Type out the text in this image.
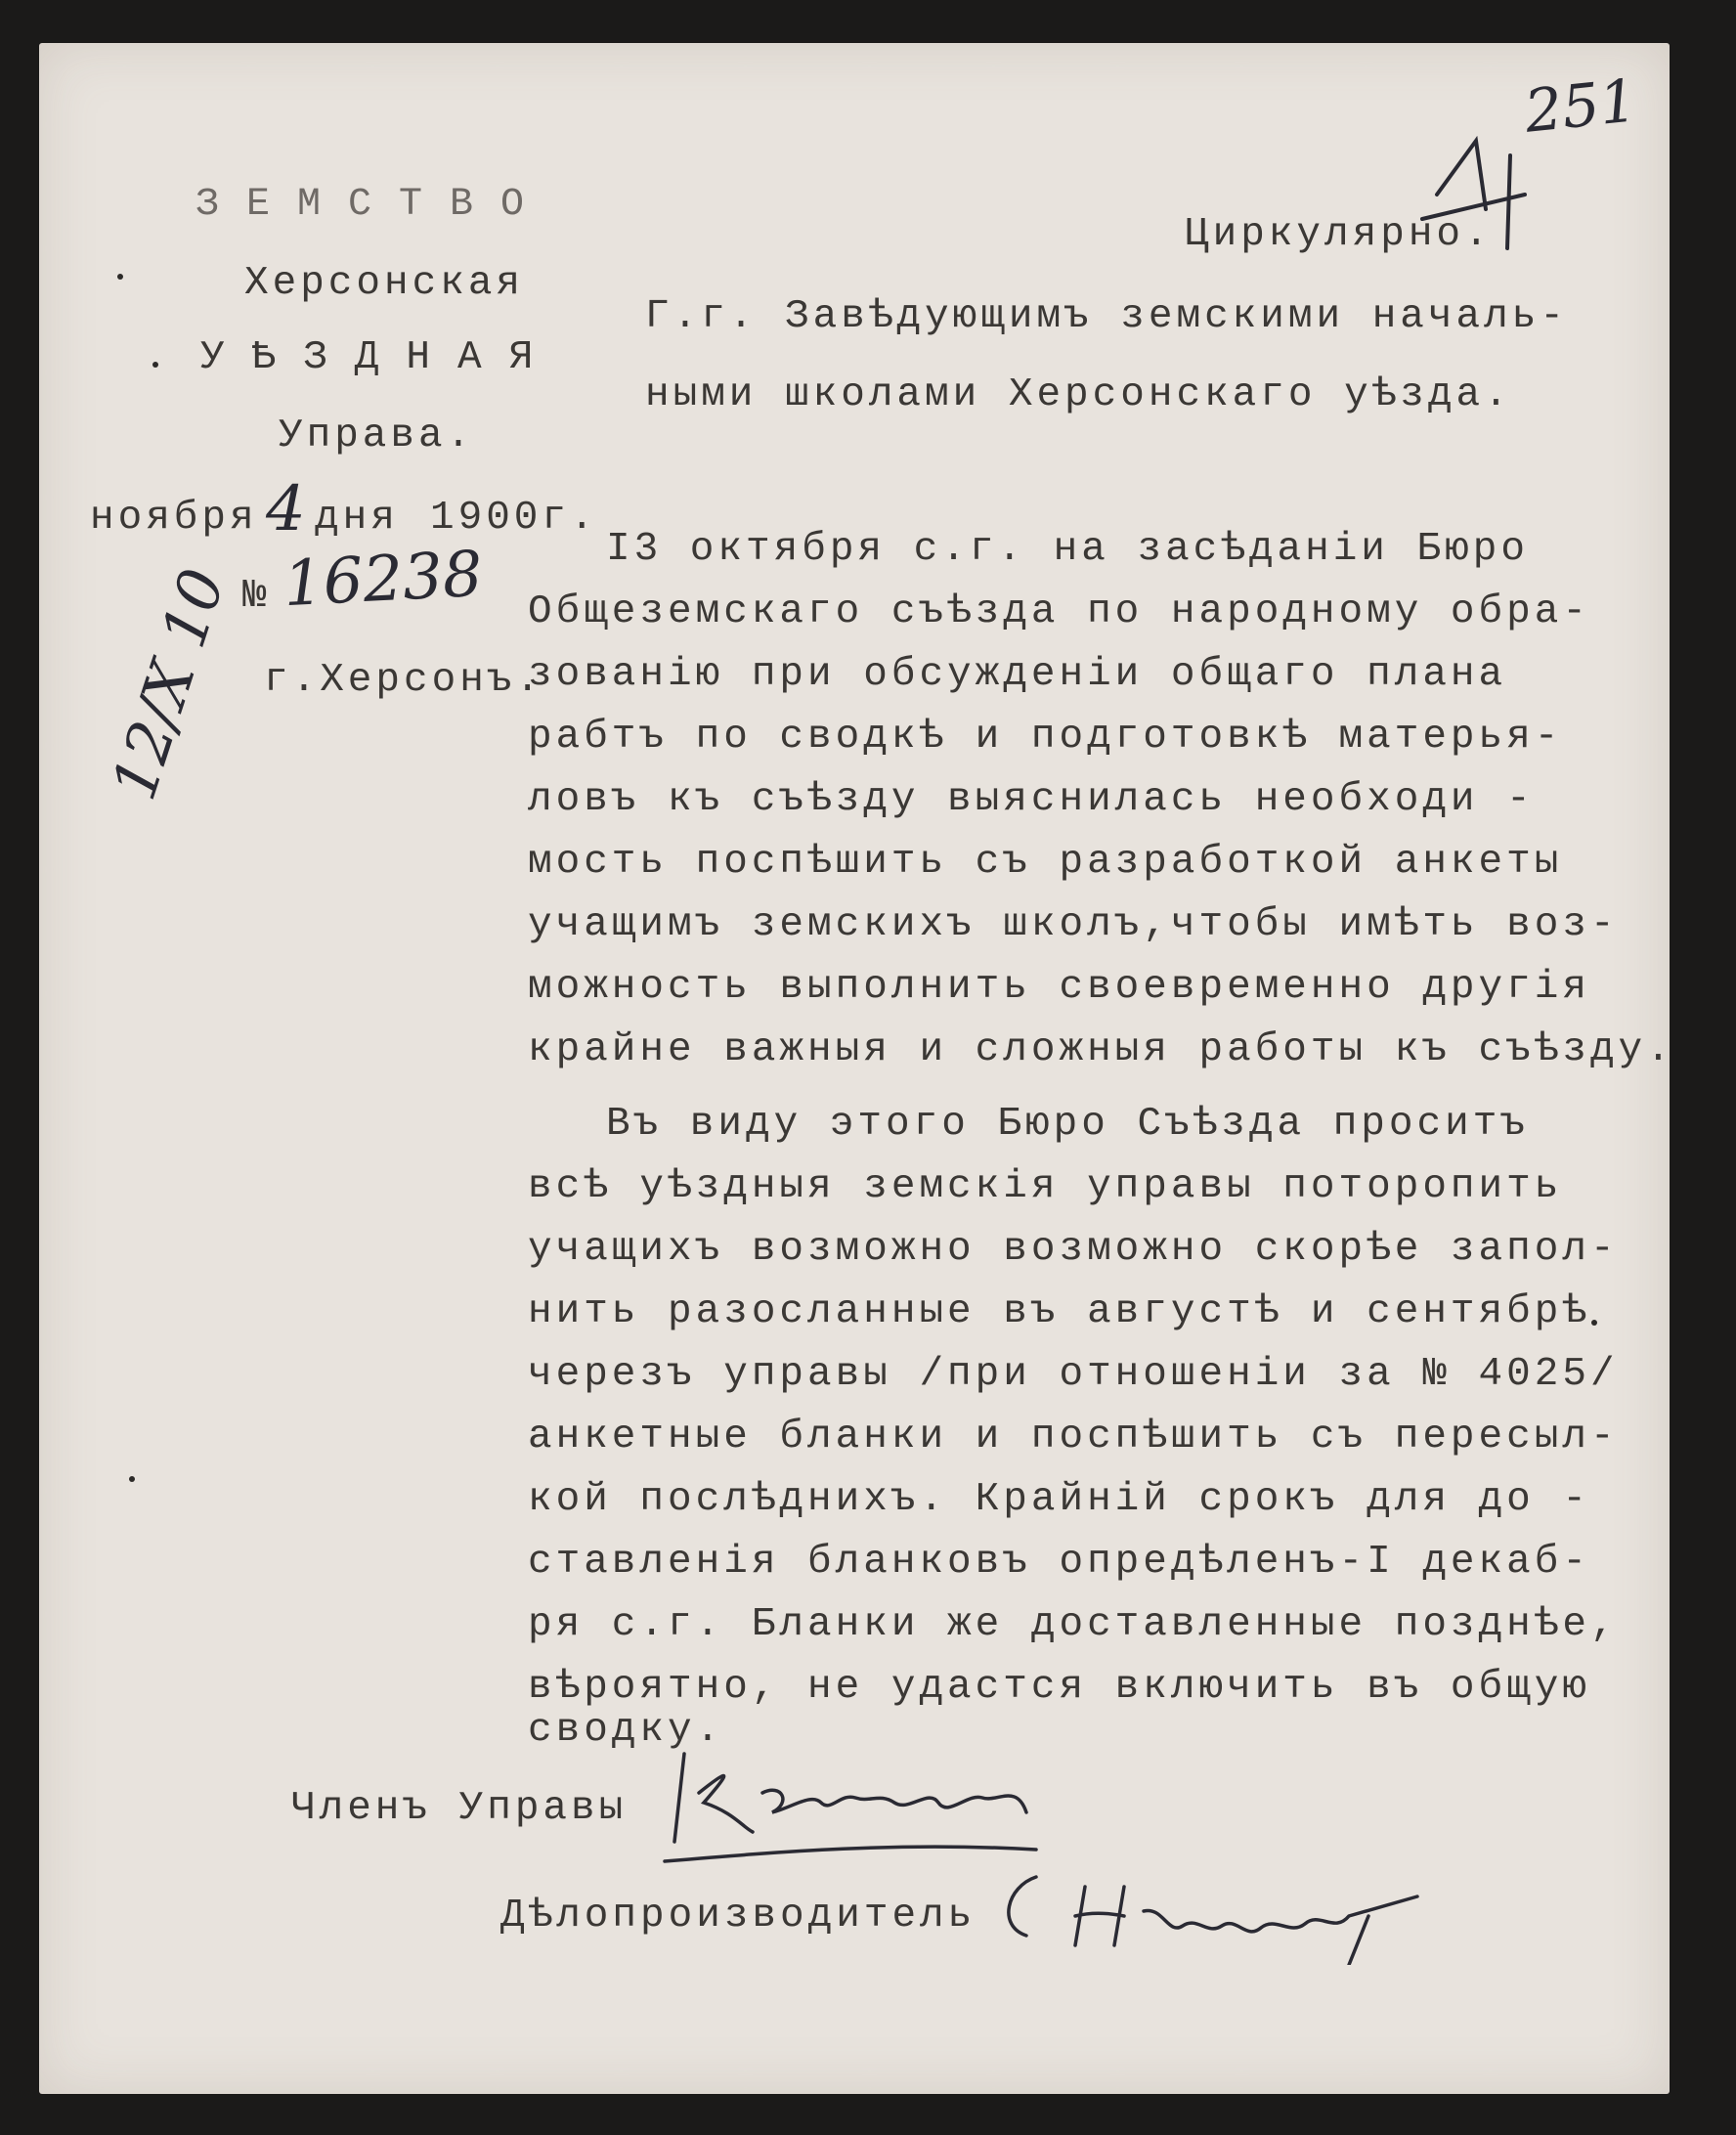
251
ЗЕМСТВО
Херсонская
УѢЗДНАЯ
Управа.
ноября 4 дня 1900г.
№ 16238
г.Херсонъ.
12/X 10
Циркулярно.
Г.г. Завѣдующимъ земскими началь-
ными школами Херсонскаго уѣзда.
I3 октября с.г. на засѣданіи Бюро
Общеземскаго съѣзда по народному обра-
зованію при обсужденіи общаго плана
рабтъ по сводкѣ и подготовкѣ матерья-
ловъ къ съѣзду выяснилась необходи -
мость поспѣшить съ разработкой анкеты
учащимъ земскихъ школъ,чтобы имѣть воз-
можность выполнить своевременно другія
крайне важныя и сложныя работы къ съѣзду.
Въ виду этого Бюро Съѣзда проситъ
всѣ уѣздныя земскія управы поторопить
учащихъ возможно возможно скорѣе запол-
нить разосланные въ августѣ и сентябрѣ
черезъ управы /при отношеніи за № 4025/
анкетные бланки и поспѣшить съ пересыл-
кой послѣднихъ. Крайній срокъ для до -
ставленія бланковъ опредѣленъ-I декаб-
ря с.г. Бланки же доставленные позднѣе,
вѣроятно, не удастся включить въ общую
сводку.
Членъ Управы
Дѣлопроизводитель
